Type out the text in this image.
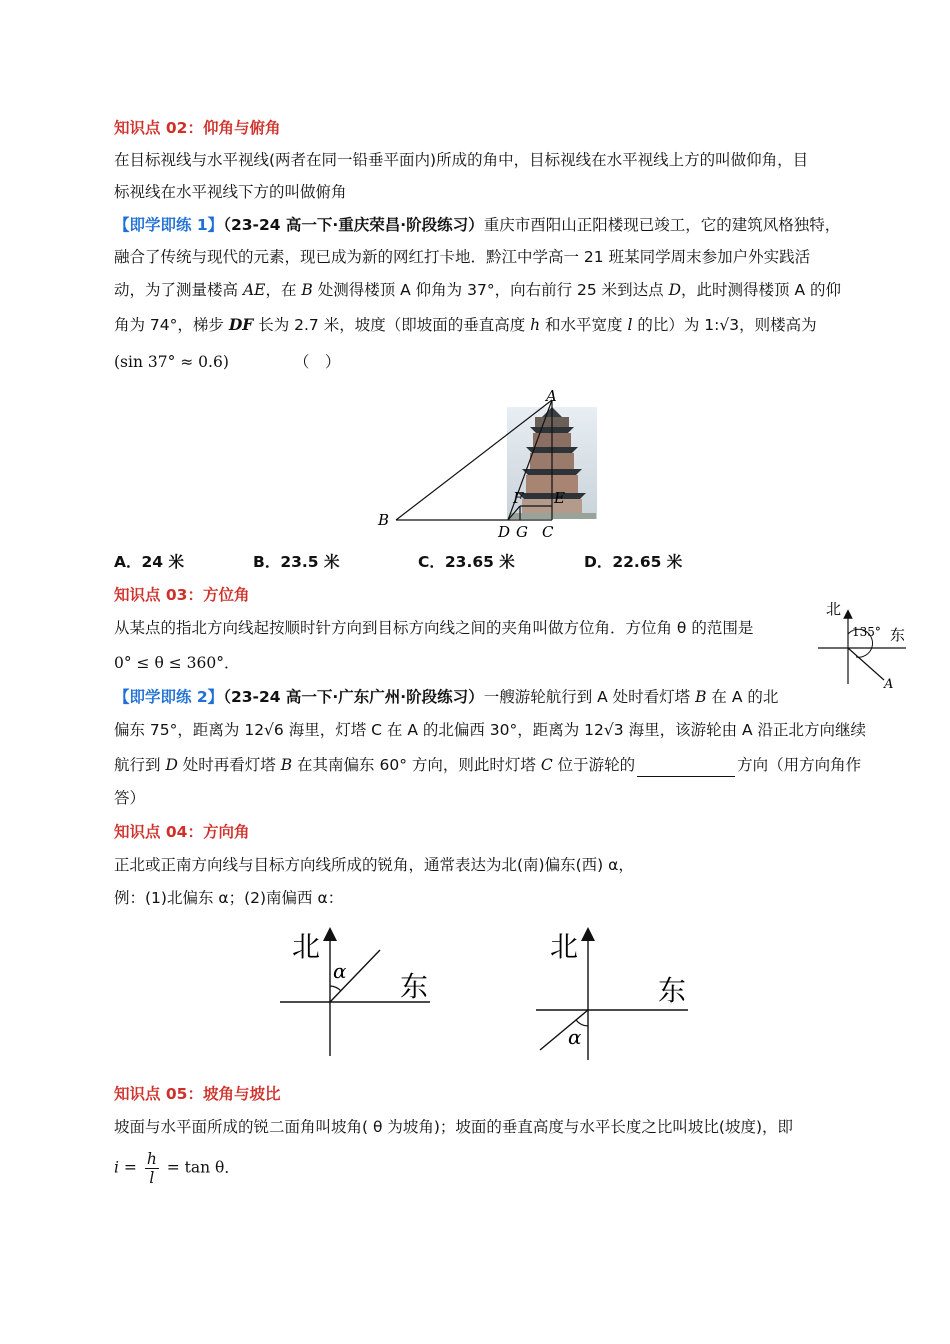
知识点 02：仰角与俯角
在目标视线与水平视线(两者在同一铅垂平面内)所成的角中，目标视线在水平视线上方的叫做仰角，目
标视线在水平视线下方的叫做俯角
【即学即练 1】（23-24 高一下·重庆荣昌·阶段练习）重庆市酉阳山正阳楼现已竣工，它的建筑风格独特，
融合了传统与现代的元素，现已成为新的网红打卡地．黔江中学高一 21 班某同学周末参加户外实践活
动，为了测量楼高 AE，在 B 处测得楼顶 A 仰角为 37°，向右前行 25 米到达点 D，此时测得楼顶 A 的仰
角为 74°，梯步 DF 长为 2.7 米，坡度（即坡面的垂直高度 h 和水平宽度 l 的比）为 1:√3，则楼高为
(sin 37° ≈ 0.6)	（　）
A
B
D G C
F E
A．24 米	B．23.5 米	C．23.65 米	D．22.65 米
知识点 03：方位角
从某点的指北方向线起按顺时针方向到目标方向线之间的夹角叫做方位角．方位角 θ 的范围是
0° ≤ θ ≤ 360°．
北
东
135°
A
【即学即练 2】（23-24 高一下·广东广州·阶段练习）一艘游轮航行到 A 处时看灯塔 B 在 A 的北
偏东 75°，距离为 12√6 海里，灯塔 C 在 A 的北偏西 30°，距离为 12√3 海里，该游轮由 A 沿正北方向继续
航行到 D 处时再看灯塔 B 在其南偏东 60° 方向，则此时灯塔 C 位于游轮的	方向（用方向角作
答）
知识点 04：方向角
正北或正南方向线与目标方向线所成的锐角，通常表达为北(南)偏东(西) α，
例：(1)北偏东 α；(2)南偏西 α：
北
东
α
北
东
α
知识点 05：坡角与坡比
坡面与水平面所成的锐二面角叫坡角( θ 为坡角)；坡面的垂直高度与水平长度之比叫坡比(坡度)，即
$i = \frac{h}{l} = \tan \theta$．
